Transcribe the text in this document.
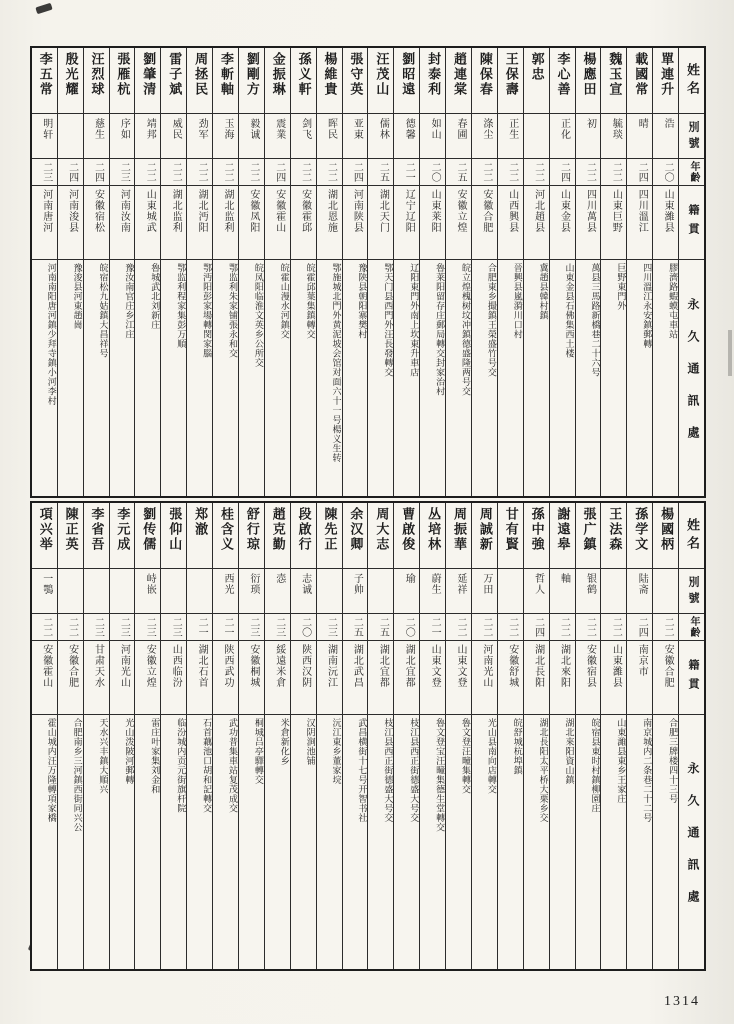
姓名
別號
年齡
籍貫
永久通訊處
單連升
浩
二〇
山東濰县
膠濟路蝦蟆屯車站
載國常
晴
二四
四川溫江
四川溫江永安鎮郵轉
魏玉宣
毓琰
二二
山東巨野
巨野東門外
楊應田
初
二二
四川萬县
萬县三馬路新橋巷二十六号
李心善
正化
二四
山東金县
山東金县石佛集西土楼
郭忠
二二
河北趙县
冀趙县韓村鎮
王保壽
正生
二二
山西興县
晉興县嵐漪川口村
陳保春
涤尘
二二
安徽合肥
合肥東乡撮鎮王榮盛竹号交
趙連棠
春圃
二五
安徽立煌
皖立煌槐树坟冲鎮德盛隆两号交
封泰利
如山
二〇
山東莱阳
魯莱阳留存庄郵局轉交封家治村
劉昭遠
德馨
二一
辽宁辽阳
辽阳東門外南上坎東升車店
汪茂山
儒林
二五
湖北天门
鄂天门县西門外汪長發轉交
張守英
亚東
二四
河南陕县
豫陕县朝阳寨樊村
楊維貴
晖民
二二
湖北恩施
鄂施城北門外黄泥坡会馆对面六十一号楊义生转
孫义軒
剑飞
二二
安徽霍邱
皖霍邱葉集鎮轉交
金振琳
震業
二四
安徽霍山
皖霍山漫水河鎮交
劉剛方
毅诚
二二
安徽凤阳
皖凤阳临淮文英乡公所交
李斬軸
玉海
二二
湖北监利
鄂监利朱家铺張永和交
周拯民
劲军
二二
湖北沔阳
鄂沔阳彭家場轉閔家腦
雷子斌
威民
二二
湖北监利
鄂监利程家集彭万順
劉肇清
靖邦
二二
山東城武
魯城武北刘新庄
張雁杭
序如
二三
河南汝南
豫汝南官庄乡江庄
汪烈球
慈生
二四
安徽宿松
皖宿松九姑鎮大昌祥号
殷光耀
二四
河南浚县
豫浚县河東趙崗
李五常
明轩
二三
河南唐河
河南南阳唐河鎮少拜寺鎮小河李村
姓名
別號
年齡
籍貫
永久通訊處
楊國柄
二二
安徽合肥
合肥三牌楼四十三号
孫学文
陆斋
二四
南京市
南京城内二条巷二十二号
王法森
二二
山東濰县
山東濰县東乡王家庄
張广鎮
银鹤
二二
安徽宿县
皖宿县東时村鎮柳園庄
謝遠皋
軸
二二
湖北來阳
湖北來阳資山鎮
孫中強
哲人
二四
湖北長阳
湖北長阳太平桥大栗乡交
甘有賢
二二
安徽舒城
皖舒城杭埠鎮
周誠新
万田
二二
河南光山
光山县南向店轉交
周振華
延祥
二二
山東文登
魯文登汪疃集轉交
丛培林
蔚生
二一
山東文登
魯文登宝汪疃集德生堂轉交
曹啟俊
瑜
二〇
湖北宜都
枝江县西正街德盛大号交
周大志
二五
湖北宜都
枝江县西正街德盛大号交
余汉卿
子帅
二五
湖北武昌
武昌横街十七号开智书社
陳先正
二三
湖南沅江
沅江東乡董家垸
段啟行
志诚
二〇
陕西汉阴
汉阴涧池铺
趙克勤
悫
二三
綏遠米倉
米倉新化乡
舒行琼
衍琐
二三
安徽桐城
桐城吕亭驛轉交
桂含义
西光
二一
陕西武功
武功普集車站复茂成交
郑澈
二一
湖北石首
石首藕池口胡和記轉交
張仰山
二三
山西临汾
临汾城内贡元街旗杆院
劉传儒
峙嵌
二三
安徽立煌
雷庄叶家集刘金和
李元成
二三
河南光山
光山泼陂河郵轉
李省吾
二三
甘肃天水
天水兴丰鎮大順兴
陳正英
二二
安徽合肥
合肥南乡三河鎮西街同兴公
項兴举
一鶚
二二
安徽霍山
霍山城内汪万隆轉項家橋
1314
